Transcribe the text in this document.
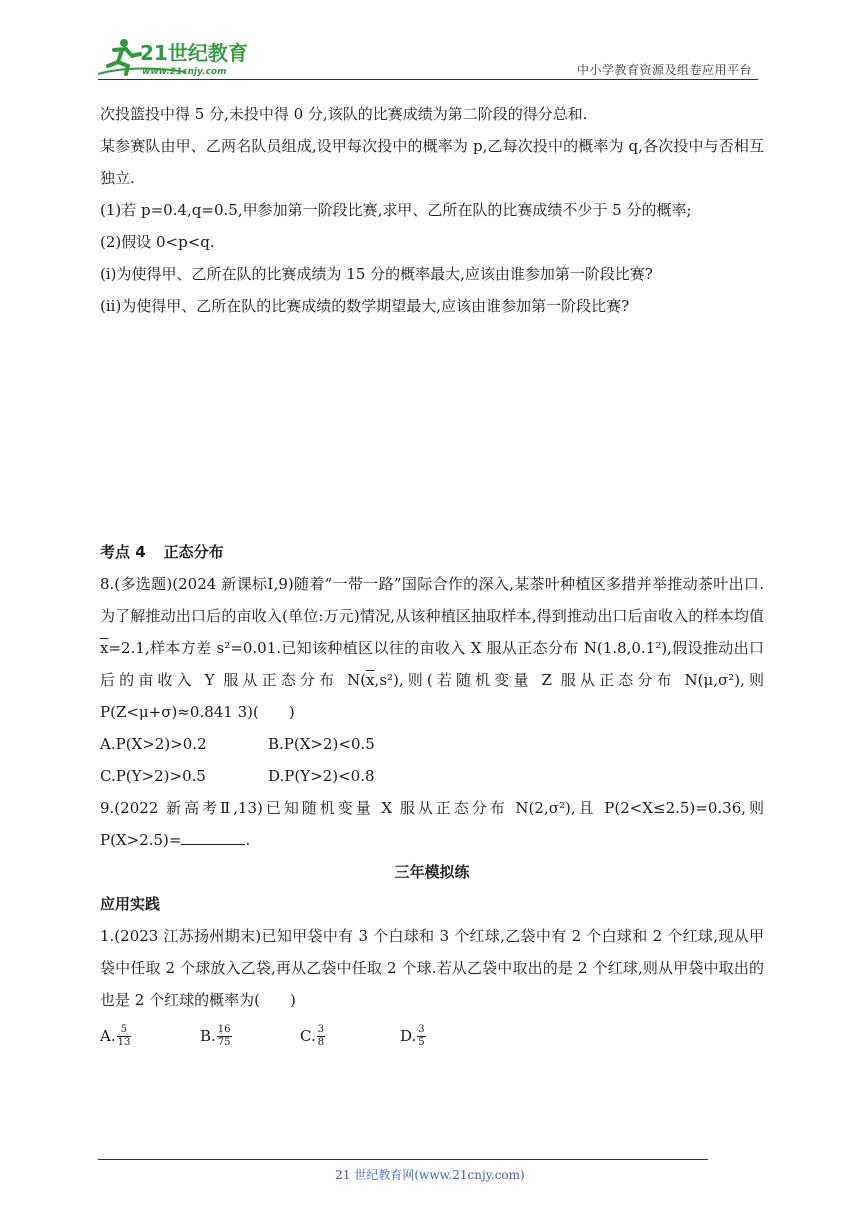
21世纪教育
www.21cnjy.com	中小学教育资源及组卷应用平台

次投篮投中得 5 分,未投中得 0 分,该队的比赛成绩为第二阶段的得分总和.

某参赛队由甲、乙两名队员组成,设甲每次投中的概率为 p,乙每次投中的概率为 q,各次投中与否相互独立.

(1)若 p=0.4,q=0.5,甲参加第一阶段比赛,求甲、乙所在队的比赛成绩不少于 5 分的概率;

(2)假设 0<p<q.

(i)为使得甲、乙所在队的比赛成绩为 15 分的概率最大,应该由谁参加第一阶段比赛?

(ii)为使得甲、乙所在队的比赛成绩的数学期望最大,应该由谁参加第一阶段比赛?

考点 4 正态分布

8.(多选题)(2024 新课标Ⅰ,9)随着“一带一路”国际合作的深入,某茶叶种植区多措并举推动茶叶出口.为了解推动出口后的亩收入(单位:万元)情况,从该种植区抽取样本,得到推动出口后亩收入的样本均值$\overline{x}=2.1$,样本方差 s²=0.01.已知该种植区以往的亩收入 X 服从正态分布 N(1.8,0.1²),假设推动出口后的亩收入 Y 服从正态分布 $N(\overline{x},s^2)$,则(若随机变量 Z 服从正态分布 N(μ,σ²),则 P(Z<μ+σ)≈0.841 3)( )

A.P(X>2)>0.2	B.P(X>2)<0.5
C.P(Y>2)>0.5	D.P(Y>2)<0.8

9.(2022 新高考Ⅱ,13)已知随机变量 X 服从正态分布 N(2,σ²),且 P(2<X≤2.5)=0.36,则 P(X>2.5)=	.

三年模拟练

应用实践

1.(2023 江苏扬州期末)已知甲袋中有 3 个白球和 3 个红球,乙袋中有 2 个白球和 2 个红球,现从甲袋中任取 2 个球放入乙袋,再从乙袋中任取 2 个球.若从乙袋中取出的是 2 个红球,则从甲袋中取出的也是 2 个红球的概率为( )

A. $\frac{5}{13}$	B. $\frac{16}{75}$	C. $\frac{3}{8}$	D. $\frac{3}{5}$
21 世纪教育网(www.21cnjy.com)
